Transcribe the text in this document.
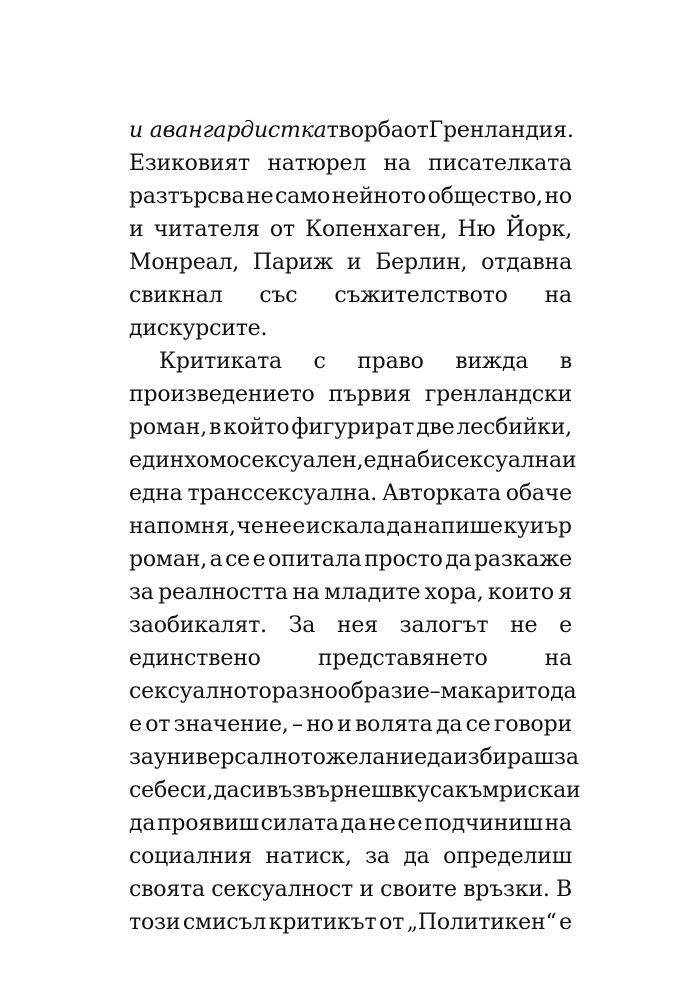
и авангардистка творба от Гренландия.
Езиковият натюрел на писателката
разтърсва не само нейното общество, но
и читателя от Копенхаген, Ню Йорк,
Монреал, Париж и Берлин, отдавна
свикнал със съжителството на
дискурсите.
Критиката с право вижда в
произведението първия гренландски
роман, в който фигурират две лесбийки,
един хомосексуален, една бисексуална и
една транссексуална. Авторката обаче
напомня, че не е искала да напише куиър
роман, а се е опитала просто да разкаже
за реалността на младите хора, които я
заобикалят. За нея залогът не е
единствено	представянето	на
сексуалното разнообразие – макар и то да
е от значение, – но и волята да се говори
за универсалното желание да избираш за
себе си, да си възвърнеш вкуса към риска и
да проявиш силата да не се подчиниш на
социалния натиск, за да определиш
своята сексуалност и своите връзки. В
този смисъл критикът от „Политикен“ е
